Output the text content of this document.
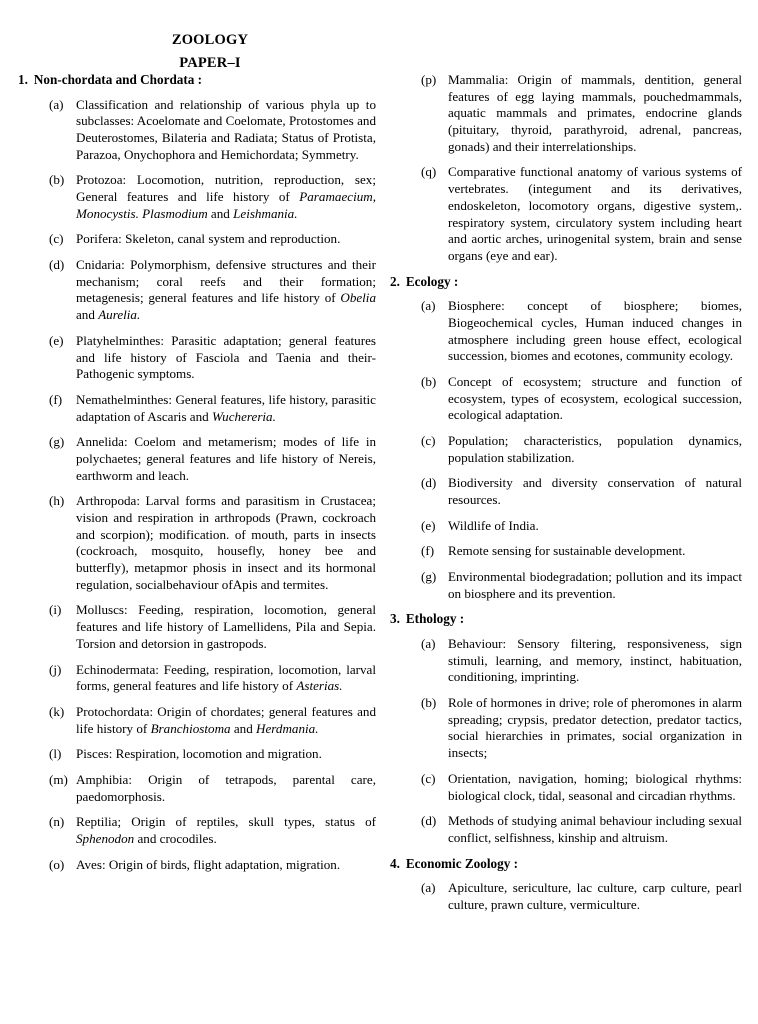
ZOOLOGY
PAPER–I
1. Non-chordata and Chordata :
(a) Classification and relationship of various phyla up to subclasses: Acoelomate and Coelomate, Protostomes and Deuterostomes, Bilateria and Radiata; Status of Protista, Parazoa, Onychophora and Hemichordata; Symmetry.
(b) Protozoa: Locomotion, nutrition, reproduction, sex; General features and life history of Paramaecium, Monocystis. Plasmodium and Leishmania.
(c) Porifera: Skeleton, canal system and reproduction.
(d) Cnidaria: Polymorphism, defensive structures and their mechanism; coral reefs and their formation; metagenesis; general features and life history of Obelia and Aurelia.
(e) Platyhelminthes: Parasitic adaptation; general features and life history of Fasciola and Taenia and their-Pathogenic symptoms.
(f)	Nemathelminthes: General features, life history, parasitic adaptation of Ascaris and Wuchereria.
(g) Annelida: Coelom and metamerism; modes of life in polychaetes; general features and life history of Nereis, earthworm and leach.
(h) Arthropoda: Larval forms and parasitism in Crustacea; vision and respiration in arthropods (Prawn, cockroach and scorpion); modification. of mouth, parts in insects (cockroach, mosquito, housefly, honey bee and butterfly), metapmor phosis in insect and its hormonal regulation, socialbehaviour ofApis and termites.
(i)	Molluscs: Feeding, respiration, locomotion, general features and life history of Lamellidens, Pila and Sepia. Torsion and detorsion in gastropods.
(j)	Echinodermata: Feeding, respiration, locomotion, larval forms, general features and life history of Asterias.
(k) Protochordata: Origin of chordates; general features and life history of Branchiostoma and Herdmania.
(l)	Pisces: Respiration, locomotion and migration.
(m) Amphibia: Origin of tetrapods, parental care, paedomorphosis.
(n) Reptilia; Origin of reptiles, skull types, status of Sphenodon and crocodiles.
(o) Aves: Origin of birds, flight adaptation, migration.
(p) Mammalia: Origin of mammals, dentition, general features of egg laying mammals, pouchedmammals, aquatic mammals and primates, endocrine glands (pituitary, thyroid, parathyroid, adrenal, pancreas, gonads) and their interrelationships.
(q) Comparative functional anatomy of various systems of vertebrates. (integument and its derivatives, endoskeleton, locomotory organs, digestive system,. respiratory system, circulatory system including heart and aortic arches, urinogenital system, brain and sense organs (eye and ear).
2. Ecology :
(a) Biosphere: concept of biosphere; biomes, Biogeochemical cycles, Human induced changes in atmosphere including green house effect, ecological succession, biomes and ecotones, community ecology.
(b) Concept of ecosystem; structure and function of ecosystem, types of ecosystem, ecological succession, ecological adaptation.
(c) Population; characteristics, population dynamics, population stabilization.
(d) Biodiversity and diversity conservation of natural resources.
(e) Wildlife of India.
(f)	Remote sensing for sustainable development.
(g) Environmental biodegradation; pollution and its impact on biosphere and its prevention.
3. Ethology :
(a) Behaviour: Sensory filtering, responsiveness, sign stimuli, learning, and memory, instinct, habituation, conditioning, imprinting.
(b) Role of hormones in drive; role of pheromones in alarm spreading; crypsis, predator detection, predator tactics, social hierarchies in primates, social organization in insects;
(c) Orientation, navigation, homing; biological rhythms: biological clock, tidal, seasonal and circadian rhythms.
(d) Methods of studying animal behaviour including sexual conflict, selfishness, kinship and altruism.
4. Economic Zoology :
(a) Apiculture, sericulture, lac culture, carp culture, pearl culture, prawn culture, vermiculture.
